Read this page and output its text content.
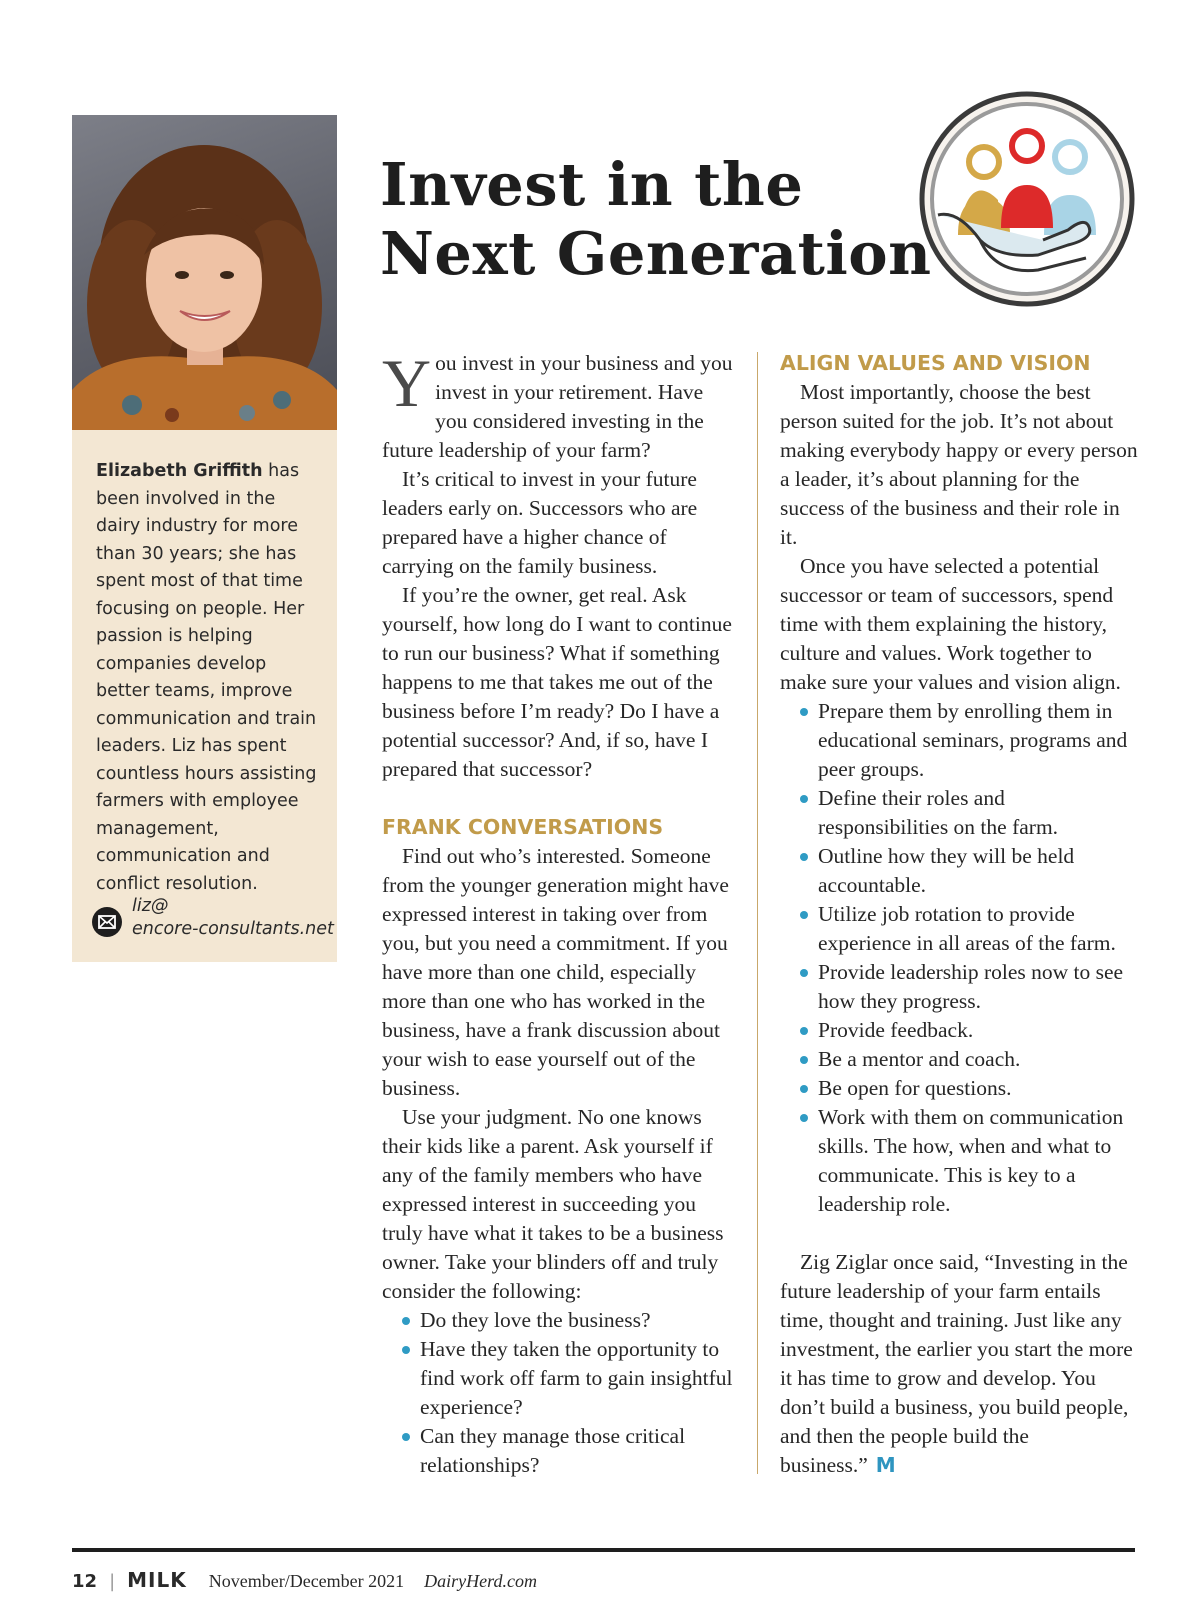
Elizabeth Griffith has been involved in the dairy industry for more than 30 years; she has spent most of that time focusing on people. Her passion is helping companies develop better teams, improve communication and train leaders. Liz has spent countless hours assisting farmers with employee management, communication and conflict resolution.

liz@
encore-consultants.net
Invest in the
Next Generation

You invest in your business and you invest in your retirement. Have you considered investing in the future leadership of your farm?

It’s critical to invest in your future leaders early on. Successors who are prepared have a higher chance of carrying on the family business.

If you’re the owner, get real. Ask yourself, how long do I want to continue to run our business? What if something happens to me that takes me out of the business before I’m ready? Do I have a potential successor? And, if so, have I prepared that successor?

FRANK CONVERSATIONS

Find out who’s interested. Someone from the younger generation might have expressed interest in taking over from you, but you need a commitment. If you have more than one child, especially more than one who has worked in the business, have a frank discussion about your wish to ease yourself out of the business.

Use your judgment. No one knows their kids like a parent. Ask yourself if any of the family members who have expressed interest in succeeding you truly have what it takes to be a business owner. Take your blinders off and truly consider the following:

Do they love the business?
Have they taken the opportunity to find work off farm to gain insightful experience?
Can they manage those critical relationships?

ALIGN VALUES AND VISION

Most importantly, choose the best person suited for the job. It’s not about making everybody happy or every person a leader, it’s about planning for the success of the business and their role in it.

Once you have selected a potential successor or team of successors, spend time with them explaining the history, culture and values. Work together to make sure your values and vision align.

Prepare them by enrolling them in educational seminars, programs and peer groups.
Define their roles and responsibilities on the farm.
Outline how they will be held accountable.
Utilize job rotation to provide experience in all areas of the farm.
Provide leadership roles now to see how they progress.
Provide feedback.
Be a mentor and coach.
Be open for questions.
Work with them on communication skills. The how, when and what to communicate. This is key to a leadership role.

Zig Ziglar once said, “Investing in the future leadership of your farm entails time, thought and training. Just like any investment, the earlier you start the more it has time to grow and develop. You don’t build a business, you build people, and then the people build the business.” M

12 | MILK November/December 2021 DairyHerd.com
